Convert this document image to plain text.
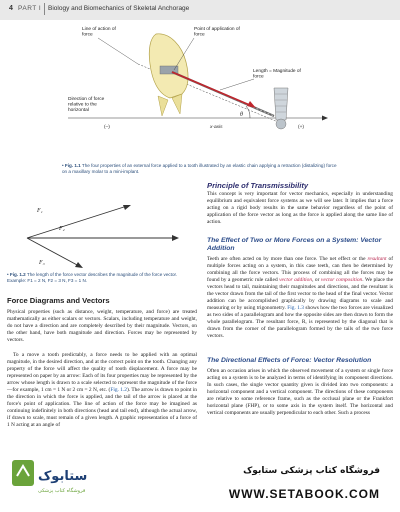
4 PART I Biology and Biomechanics of Skeletal Anchorage
θ
Line of action of force
Point of application of force
Length = Magnitude of force
Direction of force relative to the horizontal
(–)	x-axis	(+)
• Fig. 1.1 The four properties of an external force applied to a tooth illustrated by an elastic chain applying a retraction (distalizing) force on a maxillary molar to a mini-implant.
F₁
F₂
F₃
• Fig. 1.2 The length of the force vector describes the magnitude of the force vector. Example: F1 = 2 N, F2 = 3 N, F3 = 1 N.
Force Diagrams and Vectors
Physical properties (such as distance, weight, temperature, and force) are treated mathematically as either scalars or vectors. Scalars, including temperature and weight, do not have a direction and are completely described by their magnitude. Vectors, on the other hand, have both magnitude and direction. Forces may be represented by vectors.
To a move a tooth predictably, a force needs to be applied with an optimal magnitude, in the desired direction, and at the correct point on the tooth. Changing any property of the force will affect the quality of tooth displacement. A force may be represented on paper by an arrow: Each of its four properties may be represented by the arrow whose length is drawn to a scale selected to represent the magnitude of the force—for example, 1 cm = 1 N or 2 cm = 2 N, etc. (Fig. 1.2). The arrow is drawn to point in the direction in which the force is applied, and the tail of the arrow is placed at the force's point of application. The line of action of the force may be imagined as continuing indefinitely in both directions (head and tail end), although the actual arrow, if drawn to scale, must remain of a given length. A graphic representation of a force of 1 N acting at an angle of
Principle of Transmissibility
This concept is very important for vector mechanics, especially in understanding equilibrium and equivalent force systems as we will see later. It implies that a force acting on a rigid body results in the same behavior regardless of the point of application of the force vector as long as the force is applied along the same line of action.
The Effect of Two or More Forces on a System: Vector Addition
Teeth are often acted on by more than one force. The net effect or the resultant of multiple forces acting on a system, in this case teeth, can then be determined by combining all the force vectors. This process of combining all the forces may be found by a geometric rule called vector addition, or vector composition. We place the vectors head to tail, maintaining their magnitudes and directions, and the resultant is the vector drawn from the tail of the first vector to the head of the final vector. Vector addition can be accomplished graphically by drawing diagrams to scale and measuring or by using trigonometry. Fig. 1.3 shows how the two forces are visualized as two sides of a parallelogram and how the opposite sides are then drawn to form the whole parallelogram. The resultant force, R, is represented by the diagonal that is drawn from the corner of the parallelogram formed by the tails of the two force vectors.
The Directional Effects of Force: Vector Resolution
Often an occasion arises in which the observed movement of a system or single force acting on a system is to be analyzed in terms of identifying its component directions. In such cases, the single vector quantity given is divided into two components: a horizontal component and a vertical component. The directions of these components are relative to some reference frame, such as the occlusal plane or the Frankfort horizontal plane (FHP), or to some axis in the system itself. The horizontal and vertical components are usually perpendicular to each other. Such a process
ستابوک
فروشگاه کتاب پزشکی
فروشگاه کتاب پزشکی ستابوک
WWW.SETABOOK.COM
